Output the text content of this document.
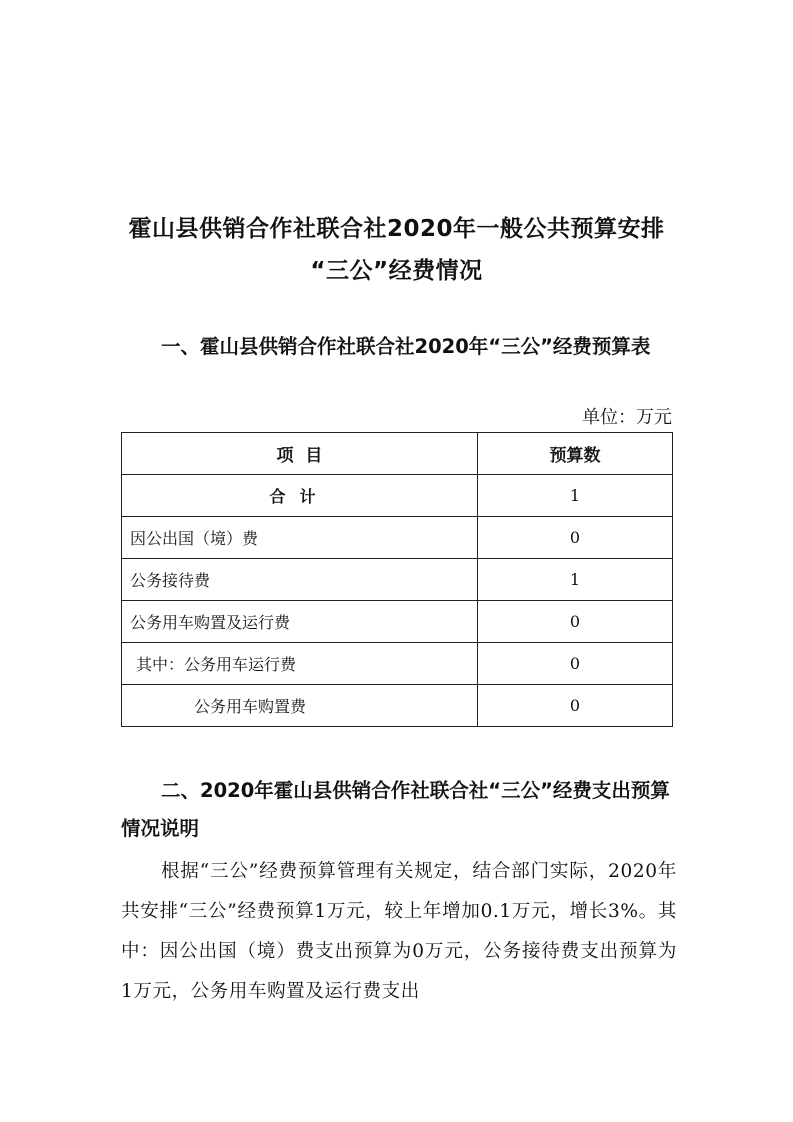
霍山县供销合作社联合社2020年一般公共预算安排
“三公”经费情况
一、霍山县供销合作社联合社2020年“三公”经费预算表
单位：万元
项  目	预算数
合计	1
因公出国（境）费	0
公务接待费	1
公务用车购置及运行费	0
其中：公务用车运行费	0
公务用车购置费	0
二、2020年霍山县供销合作社联合社“三公”经费支出预算情况说明
根据“三公”经费预算管理有关规定，结合部门实际，2020年共安排“三公”经费预算1万元，较上年增加0.1万元，增长3%。其中：因公出国（境）费支出预算为0万元，公务接待费支出预算为1万元，公务用车购置及运行费支出
